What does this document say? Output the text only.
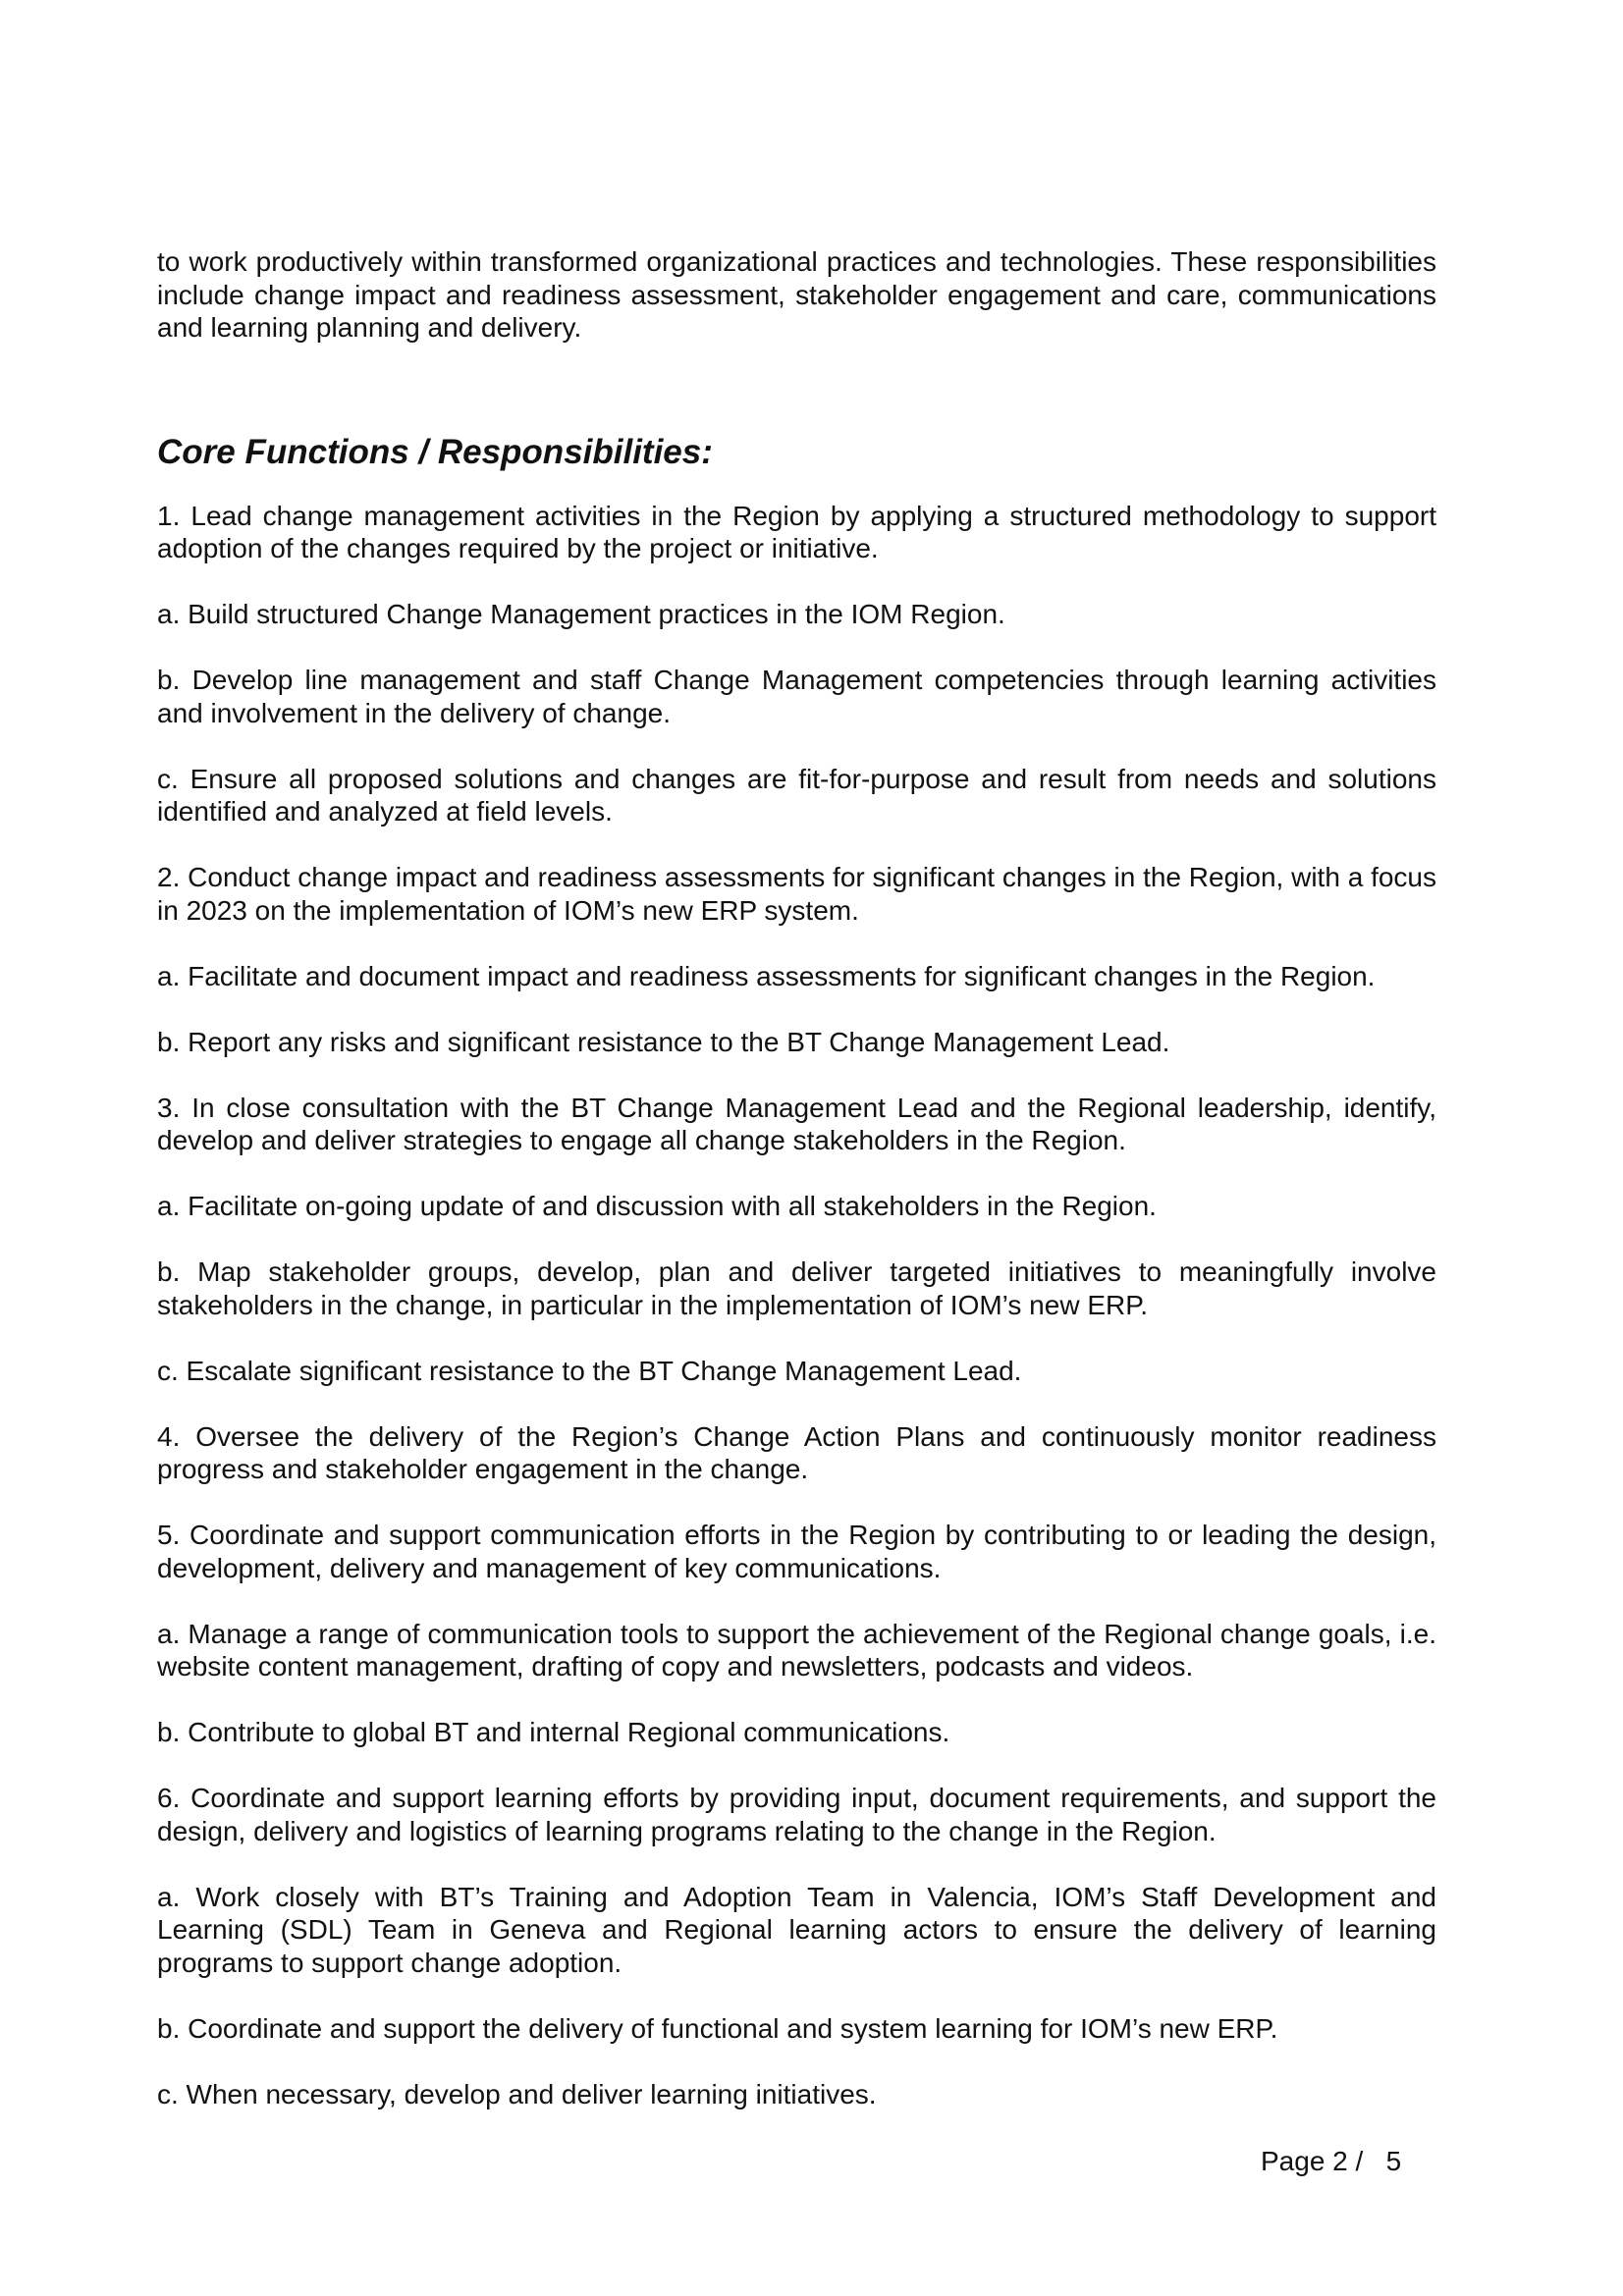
to work productively within transformed organizational practices and technologies. These responsibilities include change impact and readiness assessment, stakeholder engagement and care, communications and learning planning and delivery.

Core Functions / Responsibilities:

1. Lead change management activities in the Region by applying a structured methodology to support adoption of the changes required by the project or initiative.

a. Build structured Change Management practices in the IOM Region.

b. Develop line management and staff Change Management competencies through learning activities and involvement in the delivery of change.

c. Ensure all proposed solutions and changes are fit-for-purpose and result from needs and solutions identified and analyzed at field levels.

2. Conduct change impact and readiness assessments for significant changes in the Region, with a focus in 2023 on the implementation of IOM’s new ERP system.

a. Facilitate and document impact and readiness assessments for significant changes in the Region.

b. Report any risks and significant resistance to the BT Change Management Lead.

3. In close consultation with the BT Change Management Lead and the Regional leadership, identify, develop and deliver strategies to engage all change stakeholders in the Region.

a. Facilitate on-going update of and discussion with all stakeholders in the Region.

b. Map stakeholder groups, develop, plan and deliver targeted initiatives to meaningfully involve stakeholders in the change, in particular in the implementation of IOM’s new ERP.

c. Escalate significant resistance to the BT Change Management Lead.

4. Oversee the delivery of the Region’s Change Action Plans and continuously monitor readiness progress and stakeholder engagement in the change.

5. Coordinate and support communication efforts in the Region by contributing to or leading the design, development, delivery and management of key communications.

a. Manage a range of communication tools to support the achievement of the Regional change goals, i.e. website content management, drafting of copy and newsletters, podcasts and videos.

b. Contribute to global BT and internal Regional communications.

6. Coordinate and support learning efforts by providing input, document requirements, and support the design, delivery and logistics of learning programs relating to the change in the Region.

a. Work closely with BT’s Training and Adoption Team in Valencia, IOM’s Staff Development and Learning (SDL) Team in Geneva and Regional learning actors to ensure the delivery of learning programs to support change adoption.

b. Coordinate and support the delivery of functional and system learning for IOM’s new ERP.

c. When necessary, develop and deliver learning initiatives.

Page 2 /   5
